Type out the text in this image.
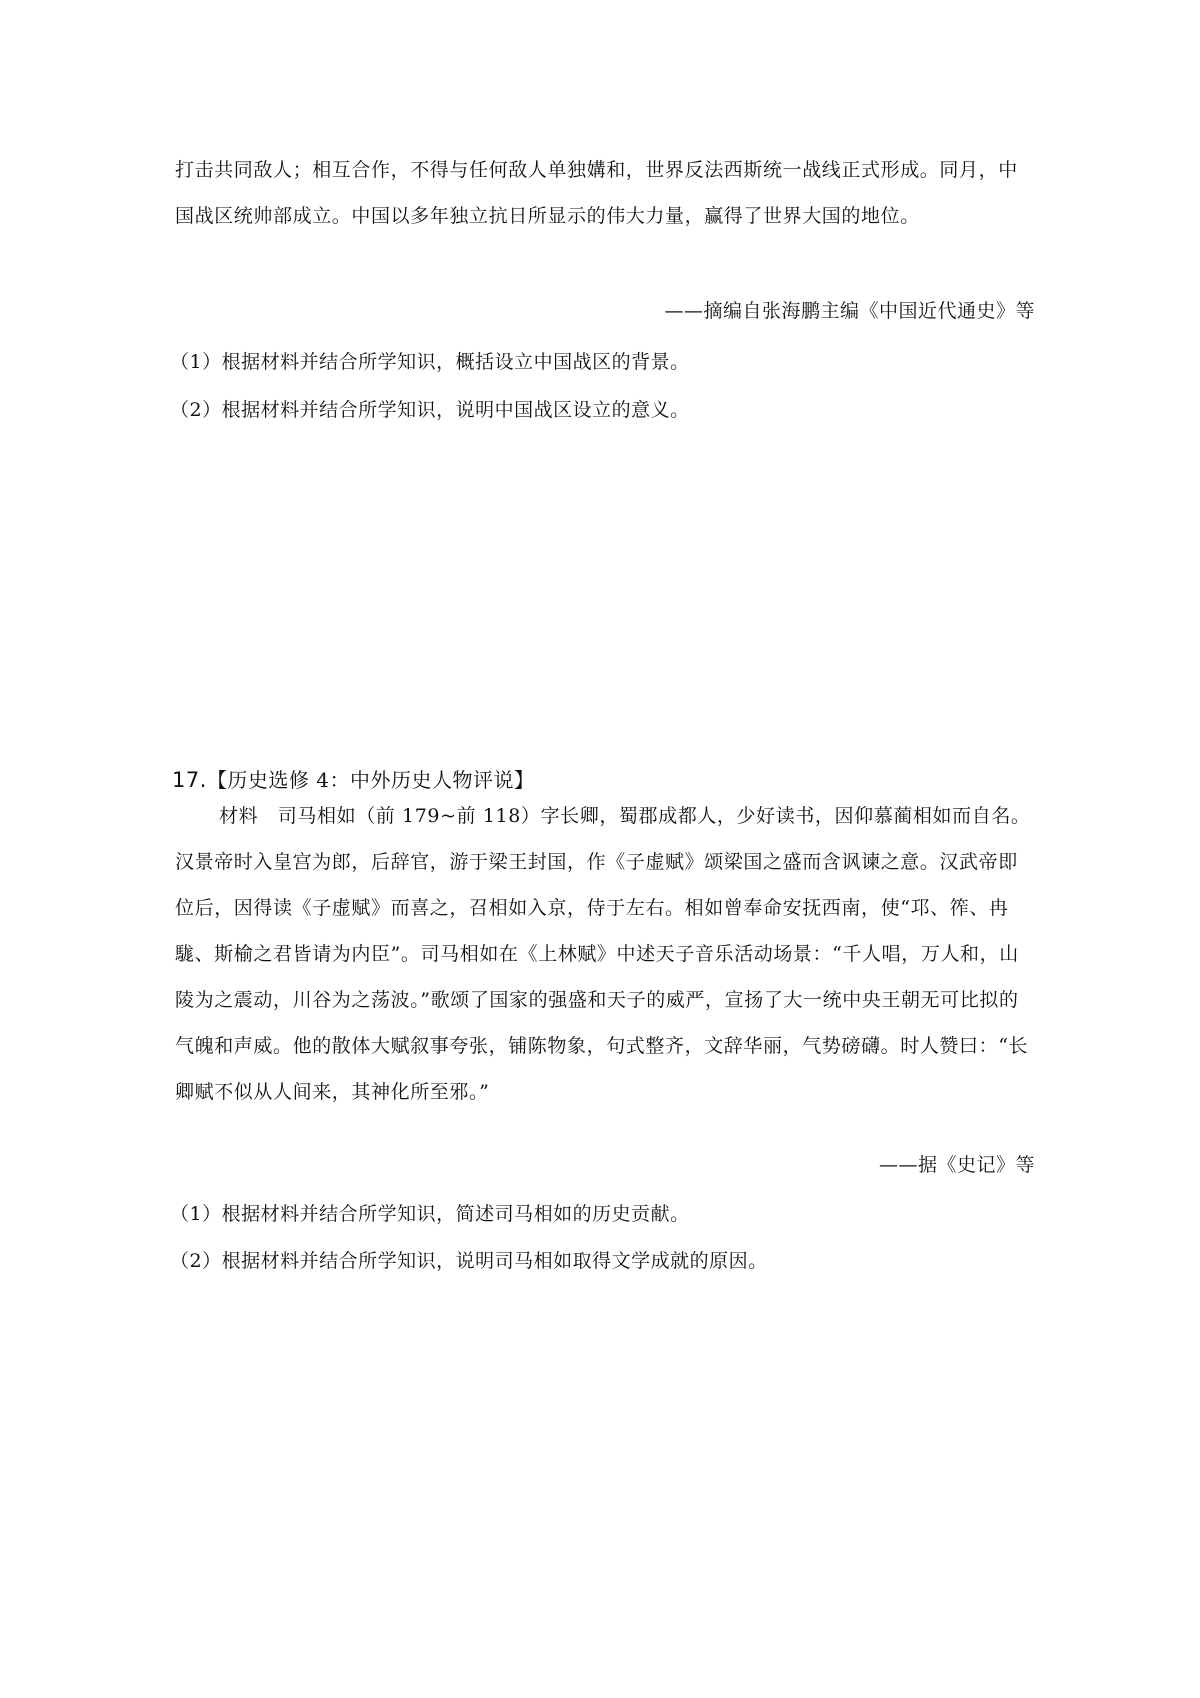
打击共同敌人；相互合作，不得与任何敌人单独媾和，世界反法西斯统一战线正式形成。同月，中国战区统帅部成立。中国以多年独立抗日所显示的伟大力量，赢得了世界大国的地位。

——摘编自张海鹏主编《中国近代通史》等
（1）根据材料并结合所学知识，概括设立中国战区的背景。
（2）根据材料并结合所学知识，说明中国战区设立的意义。
17.【历史选修 4：中外历史人物评说】

材料　司马相如（前 179~前 118）字长卿，蜀郡成都人，少好读书，因仰慕蔺相如而自名。汉景帝时入皇宫为郎，后辞官，游于梁王封国，作《子虚赋》颂梁国之盛而含讽谏之意。汉武帝即位后，因得读《子虚赋》而喜之，召相如入京，侍于左右。相如曾奉命安抚西南，使“邛、筰、冉駹、斯榆之君皆请为内臣”。司马相如在《上林赋》中述天子音乐活动场景：“千人唱，万人和，山陵为之震动，川谷为之荡波。”歌颂了国家的强盛和天子的威严，宣扬了大一统中央王朝无可比拟的气魄和声威。他的散体大赋叙事夸张，铺陈物象，句式整齐，文辞华丽，气势磅礴。时人赞曰：“长卿赋不似从人间来，其神化所至邪。”

——据《史记》等
（1）根据材料并结合所学知识，简述司马相如的历史贡献。
（2）根据材料并结合所学知识，说明司马相如取得文学成就的原因。
